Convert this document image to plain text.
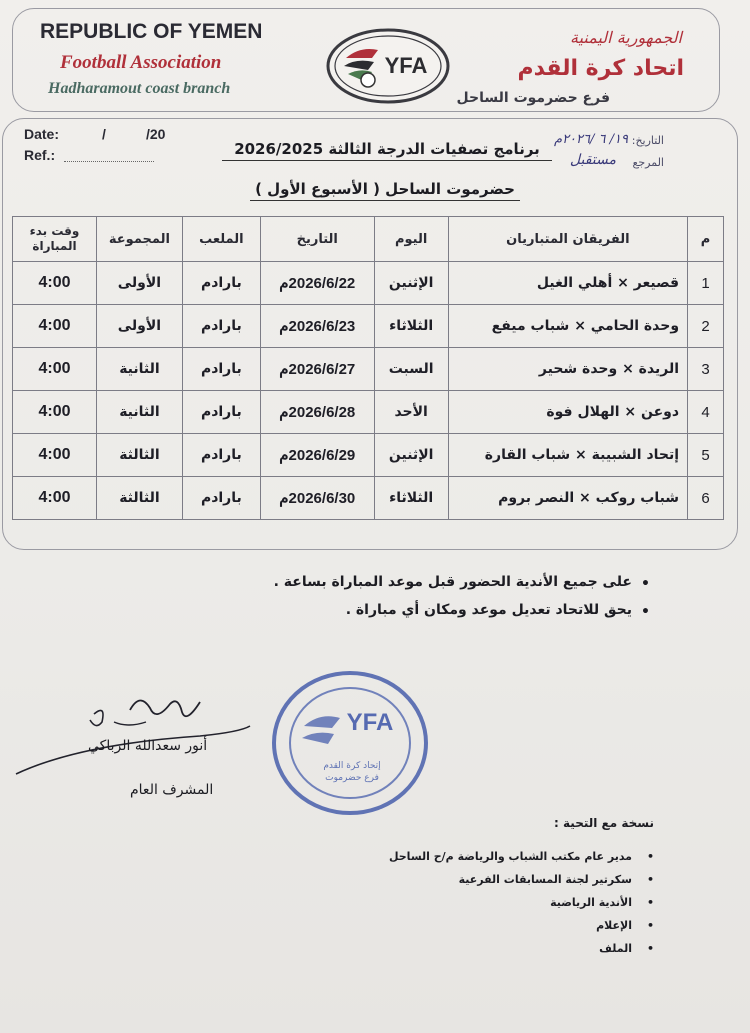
REPUBLIC OF YEMEN
Football Association
Hadharamout coast branch
الجمهورية اليمنية
اتحاد كرة القدم
فرع حضرموت الساحل
YFA
Date:	/	/20
Ref.:
التاريخ:
١٩/ ٦ /٢٠٢٦م
المرجع
مستقبل
برنامج تصفيات الدرجة الثالثة 2026/2025
حضرموت الساحل ( الأسبوع الأول )
م	الفريقان المتباريان	اليوم	التاريخ	الملعب	المجموعة	وقت بدء المباراة
1	قصيعر × أهلي الغيل	الإثنين	2026/6/22م	بارادم	الأولى	4:00
2	وحدة الحامي × شباب ميفع	الثلاثاء	2026/6/23م	بارادم	الأولى	4:00
3	الريدة × وحدة شحير	السبت	2026/6/27م	بارادم	الثانية	4:00
4	دوعن × الهلال فوة	الأحد	2026/6/28م	بارادم	الثانية	4:00
5	إتحاد الشبيبة × شباب القارة	الإثنين	2026/6/29م	بارادم	الثالثة	4:00
6	شباب روكب × النصر بروم	الثلاثاء	2026/6/30م	بارادم	الثالثة	4:00
•
على جميع الأندية الحضور قبل موعد المباراة بساعة .
•
يحق للاتحاد تعديل موعد ومكان أي مباراة .
أنور سعدالله الرباكي
المشرف العام
YFA
إتحاد كرة القدم
فرع حضرموت
نسخة مع التحية :
•
مدير عام مكتب الشباب والرياضة م/ح الساحل
•
سكرتير لجنة المسابقات الفرعية
•
الأندية الرياضية
•
الإعلام
•
الملف
